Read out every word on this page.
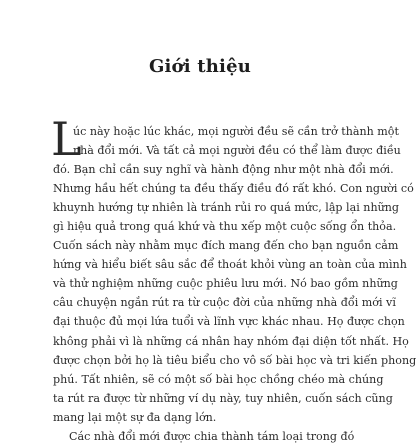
Giới thiệu
L
úc này hoặc lúc khác, mọi người đều sẽ cần trở thành một
nhà đổi mới. Và tất cả mọi người đều có thể làm được điều
đó. Bạn chỉ cần suy nghĩ và hành động như một nhà đổi mới.
Nhưng hầu hết chúng ta đều thấy điều đó rất khó. Con người có
khuynh hướng tự nhiên là tránh rủi ro quá mức, lập lại những
gì hiệu quả trong quá khứ và thu xếp một cuộc sống ổn thỏa.
Cuốn sách này nhằm mục đích mang đến cho bạn nguồn cảm
hứng và hiểu biết sâu sắc để thoát khỏi vùng an toàn của mình
và thử nghiệm những cuộc phiêu lưu mới. Nó bao gồm những
câu chuyện ngắn rút ra từ cuộc đời của những nhà đổi mới vĩ
đại thuộc đủ mọi lứa tuổi và lĩnh vực khác nhau. Họ được chọn
không phải vì là những cá nhân hay nhóm đại diện tốt nhất. Họ
được chọn bởi họ là tiêu biểu cho vô số bài học và tri kiến phong
phú. Tất nhiên, sẽ có một số bài học chồng chéo mà chúng
ta rút ra được từ những ví dụ này, tuy nhiên, cuốn sách cũng
mang lại một sự đa dạng lớn.
Các nhà đổi mới được chia thành tám loại trong đó
